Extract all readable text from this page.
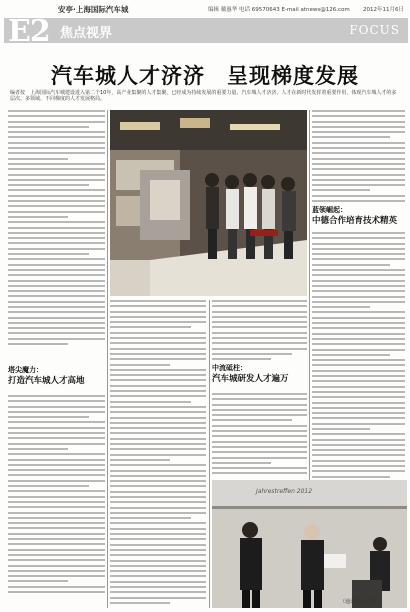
安亭·上海国际汽车城	编辑 戴惠华 电话 69570643 E-mail atnews@126.com 2012年11月6日
E2 焦点视界	FOCUS
汽车城人才济济　呈现梯度发展
编者按　上海国际汽车城建设进入第二个10年，高产业集聚的人才集聚，已经成为持续发展的重要力量。汽车城人才济济，人才在新时代发挥着重要作用，体现汽车城人才的多层次、多领域、不同梯度的人才发展格局。
塔尖魔力：
打造汽车城人才高地
中流砥柱：
汽车城研发人才遍万
蓝领崛起：
中德合作培育技术精英
Jahrestreffen 2012
（通讯员 江诗琳）
